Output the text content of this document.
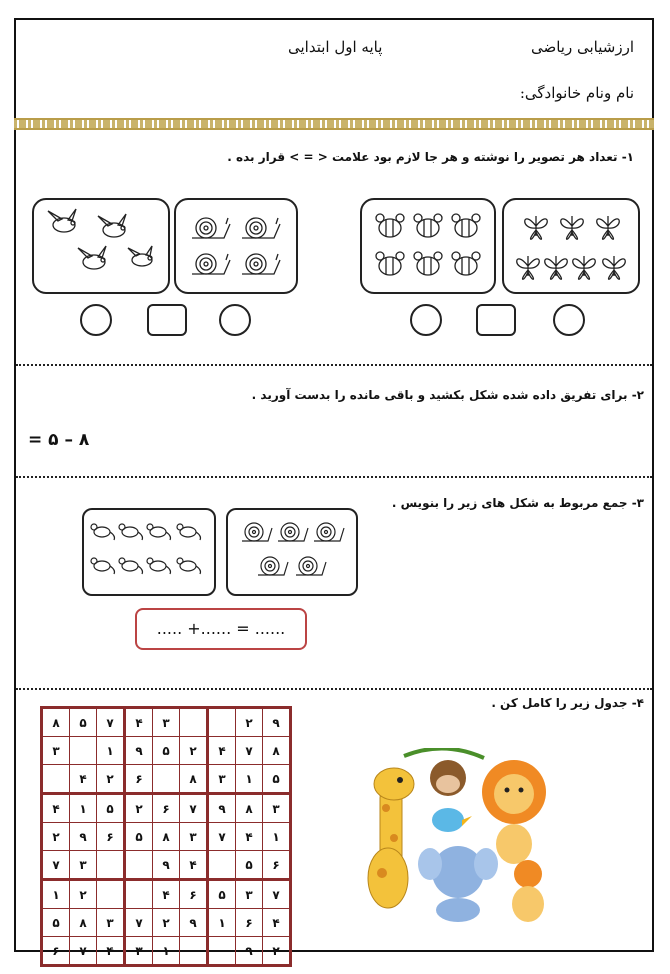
ارزشیابی ریاضی
پایه اول ابتدایی
نام ونام خانوادگی:
۱- تعداد هر تصویر را نوشته و هر جا لازم بود علامت < = > قرار بده .
۲- برای تفریق داده شده شکل بکشید و باقی مانده را بدست آورید .
۸ – ۵ =
۳- جمع مربوط به شکل های زیر را بنویس .
..... +...... = ......
۴- جدول زیر را کامل کن .
۸	۵	۷	۴	۳			۲	۹
۳		۱	۹	۵	۲	۴	۷	۸
	۴	۲	۶		۸	۳	۱	۵
۴	۱	۵	۲	۶	۷	۹	۸	۳
۲	۹	۶	۵	۸	۳	۷	۴	۱
۷	۳			۹	۴		۵	۶
۱	۲			۴	۶	۵	۳	۷
۵	۸	۳	۷	۲	۹	۱	۶	۴
۶	۷	۴	۳	۱			۹	۲
